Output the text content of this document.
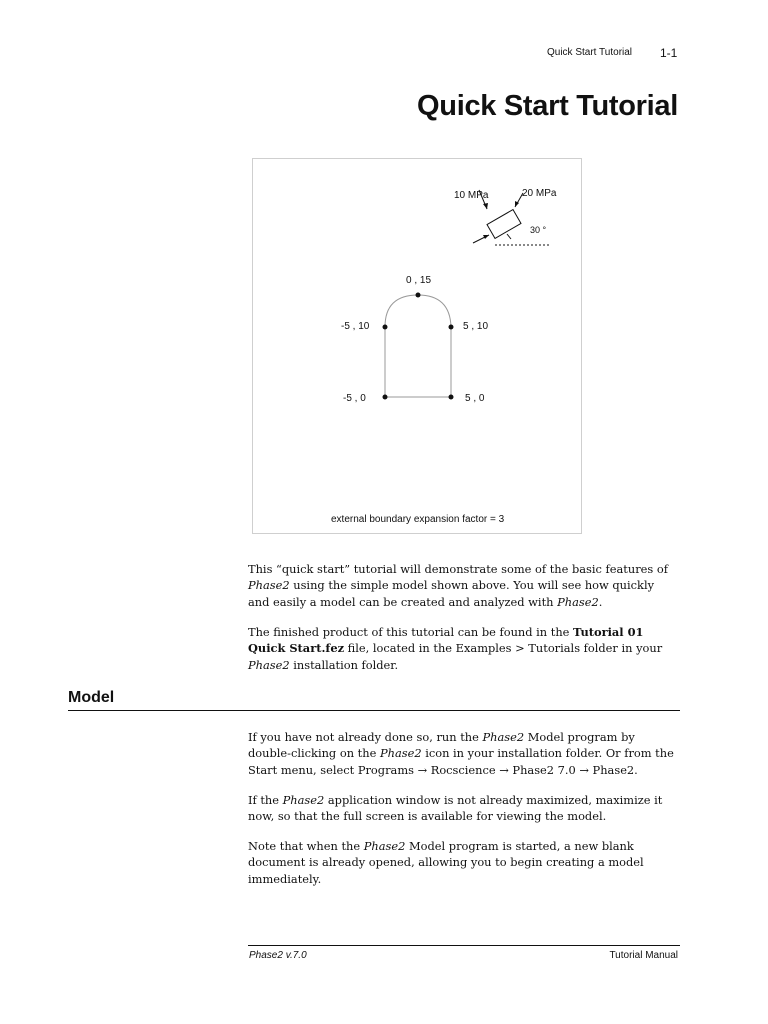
Quick Start Tutorial 1-1
Quick Start Tutorial
10 MPa	20 MPa
30 °
0 , 15
-5 , 10	5 , 10
-5 , 0	5 , 0
external boundary expansion factor = 3

This “quick start” tutorial will demonstrate some of the basic features of
Phase2 using the simple model shown above. You will see how quickly
and easily a model can be created and analyzed with Phase2.

The finished product of this tutorial can be found in the Tutorial 01
Quick Start.fez file, located in the Examples > Tutorials folder in your
Phase2 installation folder.

Model

If you have not already done so, run the Phase2 Model program by
double-clicking on the Phase2 icon in your installation folder. Or from the
Start menu, select Programs → Rocscience → Phase2 7.0 → Phase2.

If the Phase2 application window is not already maximized, maximize it
now, so that the full screen is available for viewing the model.

Note that when the Phase2 Model program is started, a new blank
document is already opened, allowing you to begin creating a model
immediately.

Phase2 v.7.0	Tutorial Manual
